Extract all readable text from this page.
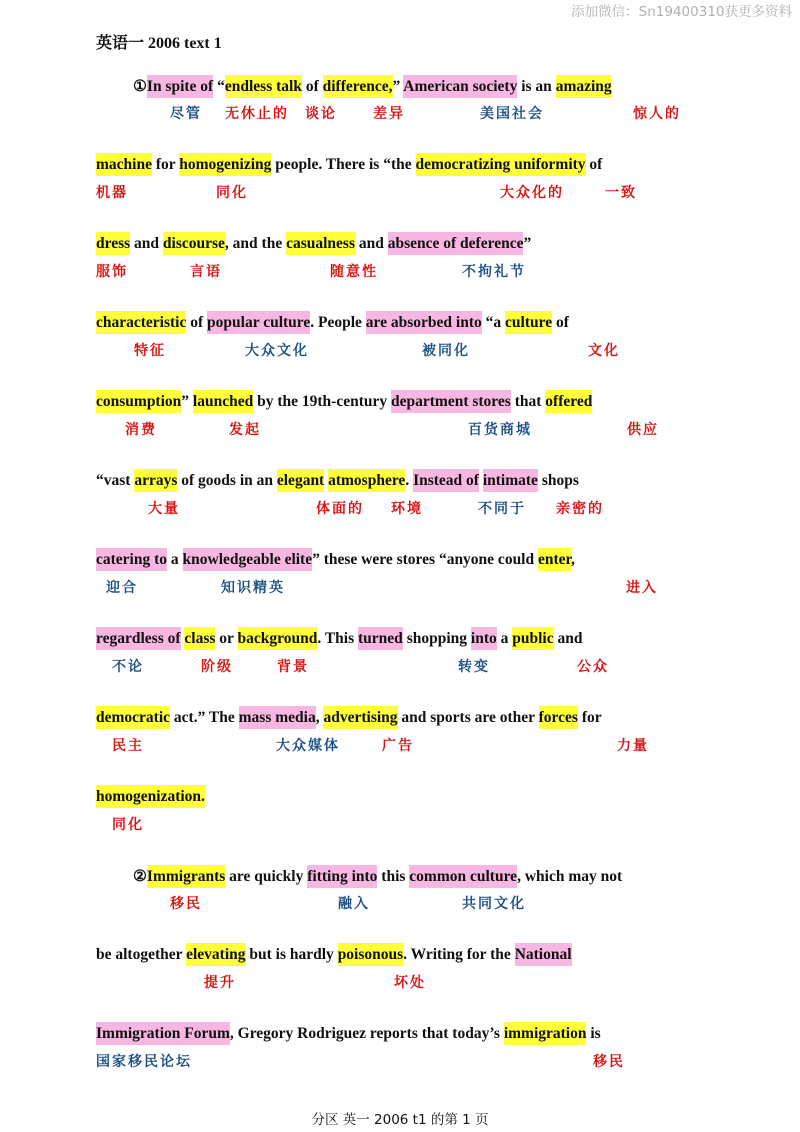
添加微信：Sn19400310获更多资料
英语一 2006 text 1
①In spite of “endless talk of difference,” American society is an amazing
尽管 无休止的 谈论	差异	美国社会	惊人的
machine for homogenizing people. There is “the democratizing uniformity of
机器	同化	大众化的	一致
dress and discourse, and the casualness and absence of deference”
服饰	言语	随意性	不拘礼节
characteristic of popular culture. People are absorbed into “a culture of
特征	大众文化	被同化	文化
consumption” launched by the 19th-century department stores that offered
消费	发起	百货商城	供应
“vast arrays of goods in an elegant atmosphere. Instead of intimate shops
大量	体面的 环境	不同于 亲密的
catering to a knowledgeable elite” these were stores “anyone could enter,
迎合	知识精英	进入
regardless of class or background. This turned shopping into a public and
不论	阶级	背景	转变	公众
democratic act.” The mass media, advertising and sports are other forces for
民主	大众媒体	广告	力量
homogenization.
同化
②Immigrants are quickly fitting into this common culture, which may not
移民	融入	共同文化
be altogether elevating but is hardly poisonous. Writing for the National
提升	坏处
Immigration Forum, Gregory Rodriguez reports that today’s immigration is
国家移民论坛	移民
分区 英一 2006 t1 的第 1 页
